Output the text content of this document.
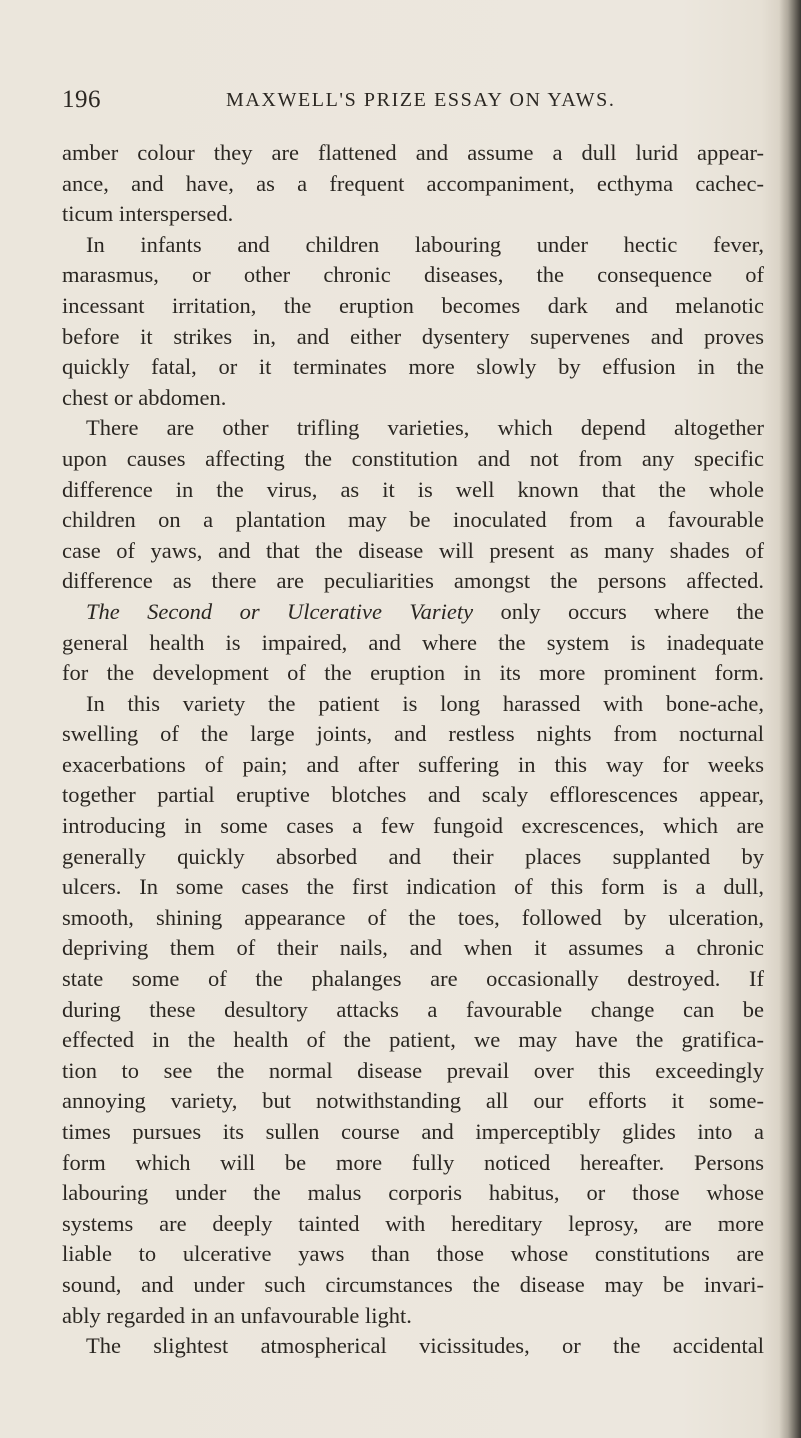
196	MAXWELL'S PRIZE ESSAY ON YAWS.
amber colour they are flattened and assume a dull lurid appear-
ance, and have, as a frequent accompaniment, ecthyma cachec-
ticum interspersed.
In infants and children labouring under hectic fever,
marasmus, or other chronic diseases, the consequence of
incessant irritation, the eruption becomes dark and melanotic
before it strikes in, and either dysentery supervenes and proves
quickly fatal, or it terminates more slowly by effusion in the
chest or abdomen.
There are other trifling varieties, which depend altogether
upon causes affecting the constitution and not from any specific
difference in the virus, as it is well known that the whole
children on a plantation may be inoculated from a favourable
case of yaws, and that the disease will present as many shades of
difference as there are peculiarities amongst the persons affected.
The Second or Ulcerative Variety only occurs where the
general health is impaired, and where the system is inadequate
for the development of the eruption in its more prominent form.
In this variety the patient is long harassed with bone-ache,
swelling of the large joints, and restless nights from nocturnal
exacerbations of pain; and after suffering in this way for weeks
together partial eruptive blotches and scaly efflorescences appear,
introducing in some cases a few fungoid excrescences, which are
generally quickly absorbed and their places supplanted by
ulcers. In some cases the first indication of this form is a dull,
smooth, shining appearance of the toes, followed by ulceration,
depriving them of their nails, and when it assumes a chronic
state some of the phalanges are occasionally destroyed. If
during these desultory attacks a favourable change can be
effected in the health of the patient, we may have the gratifica-
tion to see the normal disease prevail over this exceedingly
annoying variety, but notwithstanding all our efforts it some-
times pursues its sullen course and imperceptibly glides into a
form which will be more fully noticed hereafter. Persons
labouring under the malus corporis habitus, or those whose
systems are deeply tainted with hereditary leprosy, are more
liable to ulcerative yaws than those whose constitutions are
sound, and under such circumstances the disease may be invari-
ably regarded in an unfavourable light.
The slightest atmospherical vicissitudes, or the accidental
